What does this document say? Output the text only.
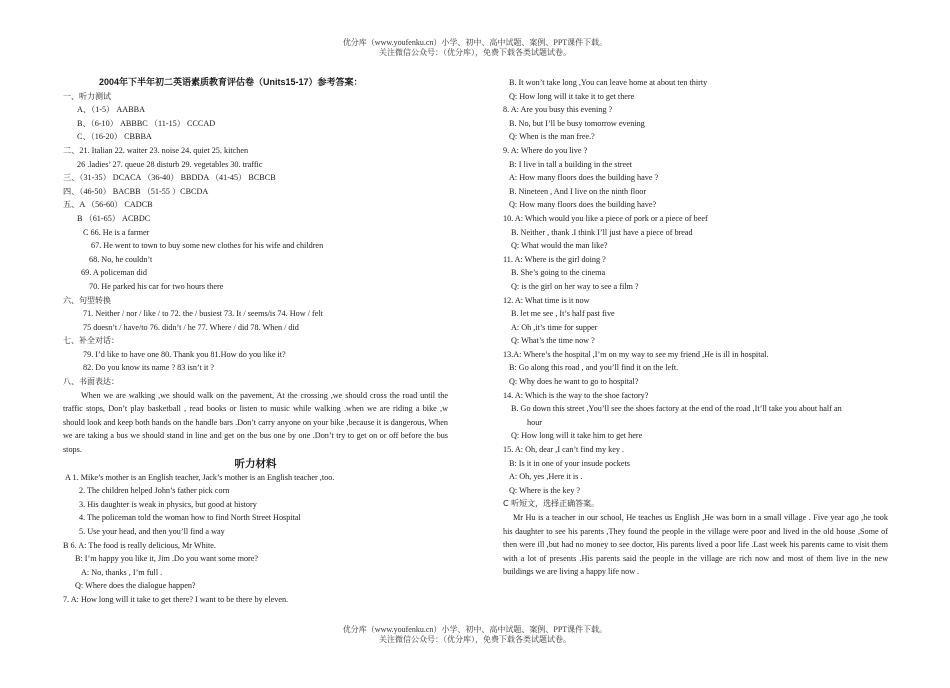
优分库（www.youfenku.cn）小学、初中、高中试题、案例、PPT课件下载。
关注微信公众号：（优分库），免费下载各类试题试卷。
2004年下半年初二英语素质教育评估卷（Units15-17）参考答案：
一、听力测试
A、（1-5） AABBA
B、（6-10） ABBBC （11-15） CCCAD
C、（16-20） CBBBA
二、21. Italian 22. waiter 23. noise 24. quiet 25. kitchen
26 .ladies’ 27. queue 28 disturb 29. vegetables 30. traffic
三、（31-35） DCACA （36-40） BBDDA （41-45） BCBCB
四、（46-50） BACBB （51-55 ）CBCDA
五、A （56-60） CADCB
B （61-65） ACBDC
C 66. He is a farmer
67. He went to town to buy some new clothes for his wife and children
68. No, he couldn’t
69. A policeman did
70. He parked his car for two hours there
六、句型转换
71. Neither / nor / like / to 72. the / busiest 73. It / seems/is 74. How / felt
75 doesn’t / have/to 76. didn’t / he 77. Where / did 78. When / did
七、补全对话：
79. I’d like to have one 80. Thank you 81.How do you like it?
82. Do you know its name ? 83 isn’t it ?
八、书面表达：
When we are walking ,we should walk on the pavement, At the crossing ,we should cross the road until the traffic stops, Don’t play basketball , read books or listen to music while walking .when we are riding a bike ,w should look and keep both hands on the handle bars .Don’t carry anyone on your bike ,because it is dangerous, When we are taking a bus we should stand in line and get on the bus one by one .Don’t try to get on or off before the bus stops.
听力材料
A 1. Mike’s mother is an English teacher, Jack’s mother is an English teacher ,too.
2. The children helped John’s father pick corn
3. His daughter is weak in physics, but good at history
4. The policeman told the woman how to find North Street Hospital
5. Use your head, and then you’ll find a way
B 6. A: The food is really delicious, Mr White.
B: I’m happy you like it, Jim .Do you want some more?
A: No, thanks , I’m full .
Q: Where does the dialogue happen?
7. A: How long will it take to get there? I want to be there by eleven.
B. It won’t take long ,You can leave home at about ten thirty
Q: How long will it take it to get there
8. A: Are you busy this evening ?
B. No, but I’ll be busy tomorrow evening
Q: When is the man free.?
9. A: Where do you live ?
B: I live in tall a building in the street
A: How many floors does the building have ?
B. Nineteen , And I live on the ninth floor
Q: How many floors does the building have?
10. A: Which would you like a piece of pork or a piece of beef
B. Neither , thank .I think I’ll just have a piece of bread
Q: What would the man like?
11. A: Where is the girl doing ?
B. She’s going to the cinema
Q: is the girl on her way to see a film ?
12. A: What time is it now
B. let me see , It’s half past five
A: Oh ,it’s time for supper
Q: What’s the time now ?
13.A: Where’s the hospital ,I’m on my way to see my friend ,He is ill in hospital.
B: Go along this road , and you’ll find it on the left.
Q: Why does he want to go to hospital?
14. A: Which is the way to the shoe factory?
B. Go down this street ,You’ll see the shoes factory at the end of the road ,It’ll take you about half an
hour
Q: How long will it take him to get here
15. A: Oh, dear ,I can’t find my key .
B: Is it in one of your insude pockets
A: Oh, yes ,Here it is .
Q: Where is the key ?
C 听短文，选择正确答案。
Mr Hu is a teacher in our school, He teaches us English ,He was born in a small village . Five year ago ,he took his daughter to see his parents ,They found the people in the village were poor and lived in the old house ,Some of then were ill ,but had no money to see doctor, His parents lived a poor life .Last week his parents came to visit them with a lot of presents .His parents said the people in the village are rich now and most of them live in the new buildings we are living a happy life now .
优分库（www.youfenku.cn）小学、初中、高中试题、案例、PPT课件下载。
关注微信公众号：（优分库），免费下载各类试题试卷。
